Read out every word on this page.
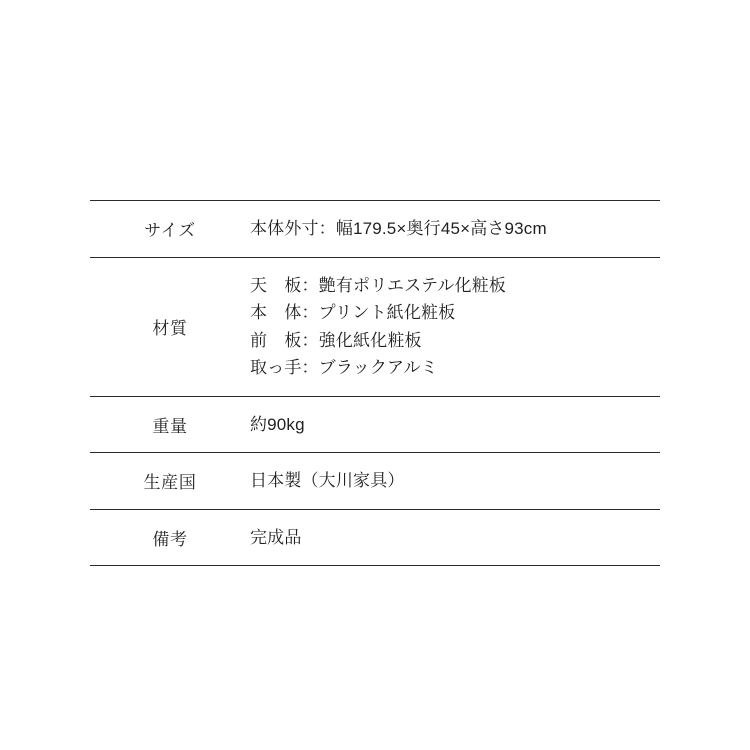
サイズ	本体外寸：幅179.5×奥行45×高さ93cm
材質	天　板：艶有ポリエステル化粧板
本　体：プリント紙化粧板
前　板：強化紙化粧板
取っ手：ブラックアルミ

重量	約90kg
生産国	日本製（大川家具）
備考	完成品
